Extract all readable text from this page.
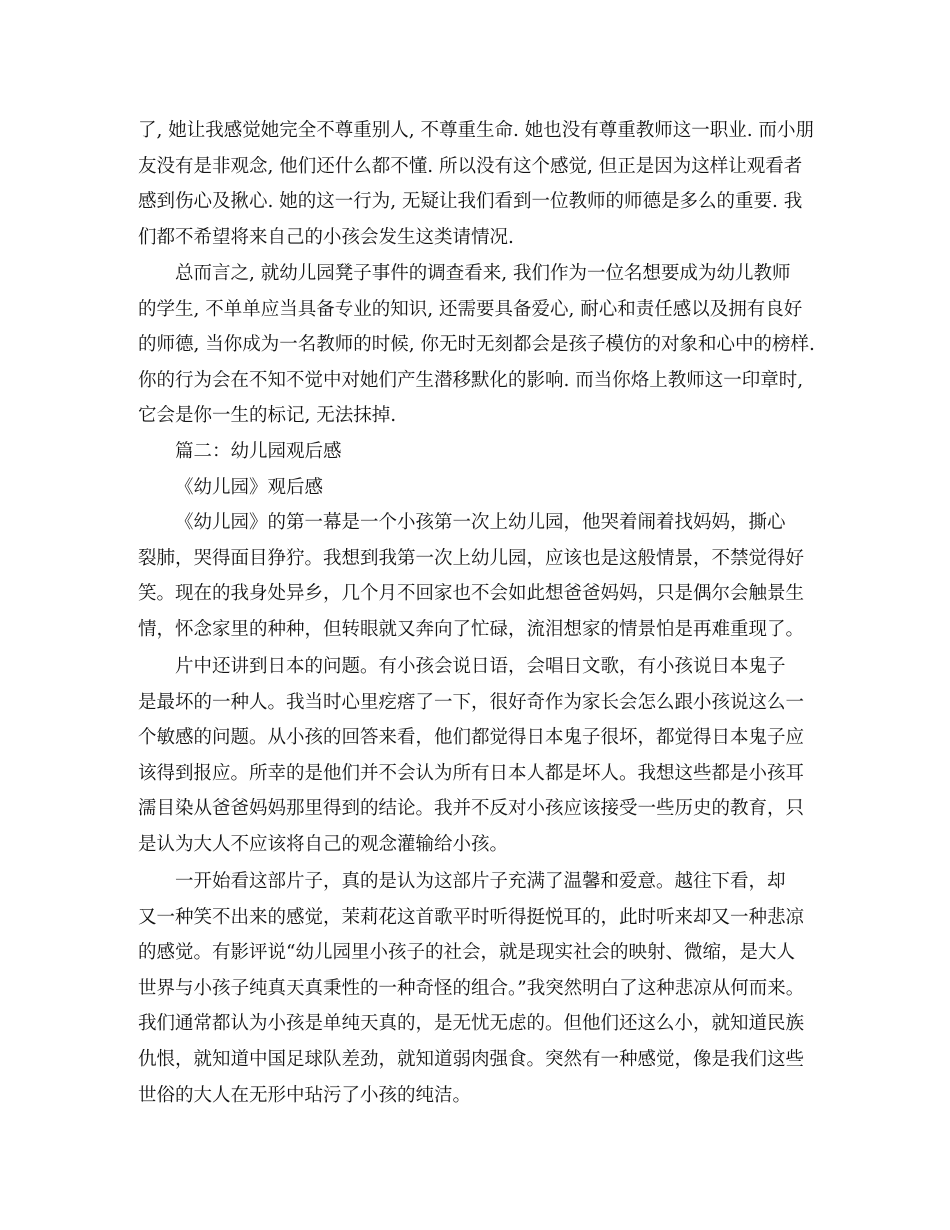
了, 她让我感觉她完全不尊重别人, 不尊重生命. 她也没有尊重教师这一职业. 而小朋
友没有是非观念, 他们还什么都不懂. 所以没有这个感觉, 但正是因为这样让观看者
感到伤心及揪心. 她的这一行为, 无疑让我们看到一位教师的师德是多么的重要. 我
们都不希望将来自己的小孩会发生这类请情况.

总而言之, 就幼儿园凳子事件的调查看来, 我们作为一位名想要成为幼儿教师
的学生, 不单单应当具备专业的知识, 还需要具备爱心, 耐心和责任感以及拥有良好
的师德, 当你成为一名教师的时候, 你无时无刻都会是孩子模仿的对象和心中的榜样.
你的行为会在不知不觉中对她们产生潜移默化的影响. 而当你烙上教师这一印章时,
它会是你一生的标记, 无法抹掉.

篇二：幼儿园观后感

《幼儿园》观后感

《幼儿园》的第一幕是一个小孩第一次上幼儿园，他哭着闹着找妈妈，撕心
裂肺，哭得面目狰狞。我想到我第一次上幼儿园，应该也是这般情景，不禁觉得好
笑。现在的我身处异乡，几个月不回家也不会如此想爸爸妈妈，只是偶尔会触景生
情，怀念家里的种种，但转眼就又奔向了忙碌，流泪想家的情景怕是再难重现了。

片中还讲到日本的问题。有小孩会说日语，会唱日文歌，有小孩说日本鬼子
是最坏的一种人。我当时心里疙瘩了一下，很好奇作为家长会怎么跟小孩说这么一
个敏感的问题。从小孩的回答来看，他们都觉得日本鬼子很坏，都觉得日本鬼子应
该得到报应。所幸的是他们并不会认为所有日本人都是坏人。我想这些都是小孩耳
濡目染从爸爸妈妈那里得到的结论。我并不反对小孩应该接受一些历史的教育，只
是认为大人不应该将自己的观念灌输给小孩。

一开始看这部片子，真的是认为这部片子充满了温馨和爱意。越往下看，却
又一种笑不出来的感觉，茉莉花这首歌平时听得挺悦耳的，此时听来却又一种悲凉
的感觉。有影评说“幼儿园里小孩子的社会，就是现实社会的映射、微缩，是大人
世界与小孩子纯真天真秉性的一种奇怪的组合。”我突然明白了这种悲凉从何而来。
我们通常都认为小孩是单纯天真的，是无忧无虑的。但他们还这么小，就知道民族
仇恨，就知道中国足球队差劲，就知道弱肉强食。突然有一种感觉，像是我们这些
世俗的大人在无形中玷污了小孩的纯洁。
